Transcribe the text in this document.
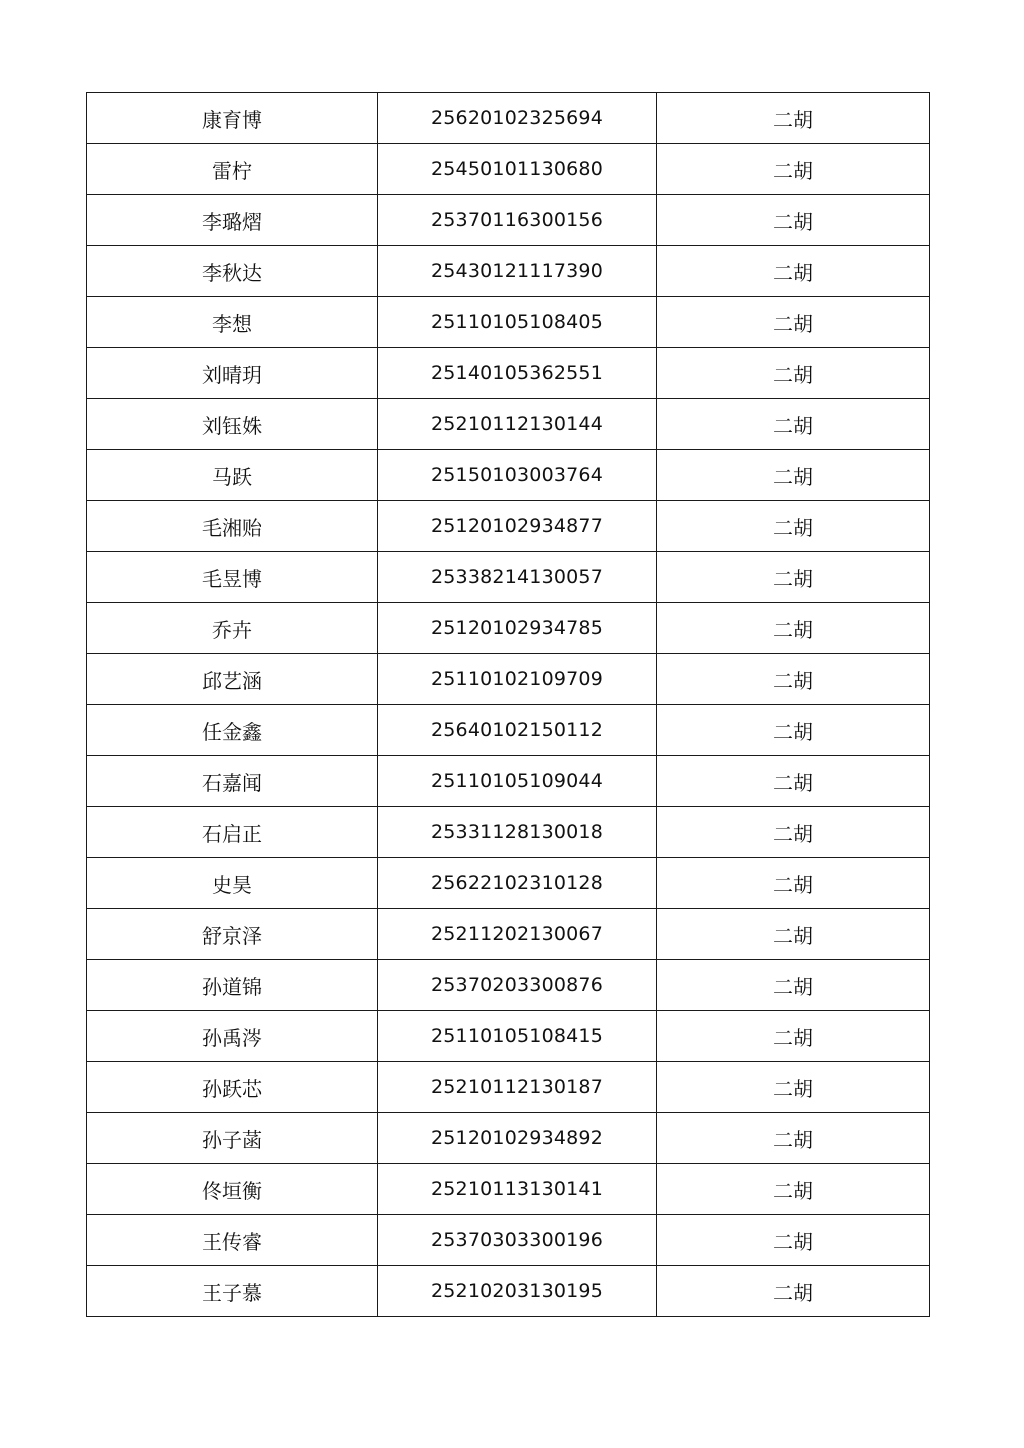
康育博	25620102325694	二胡
雷柠	25450101130680	二胡
李璐熠	25370116300156	二胡
李秋达	25430121117390	二胡
李想	25110105108405	二胡
刘晴玥	25140105362551	二胡
刘钰姝	25210112130144	二胡
马跃	25150103003764	二胡
毛湘贻	25120102934877	二胡
毛昱博	25338214130057	二胡
乔卉	25120102934785	二胡
邱艺涵	25110102109709	二胡
任金鑫	25640102150112	二胡
石嘉闻	25110105109044	二胡
石启正	25331128130018	二胡
史昊	25622102310128	二胡
舒京泽	25211202130067	二胡
孙道锦	25370203300876	二胡
孙禹涔	25110105108415	二胡
孙跃芯	25210112130187	二胡
孙子菡	25120102934892	二胡
佟垣衡	25210113130141	二胡
王传睿	25370303300196	二胡
王子慕	25210203130195	二胡
